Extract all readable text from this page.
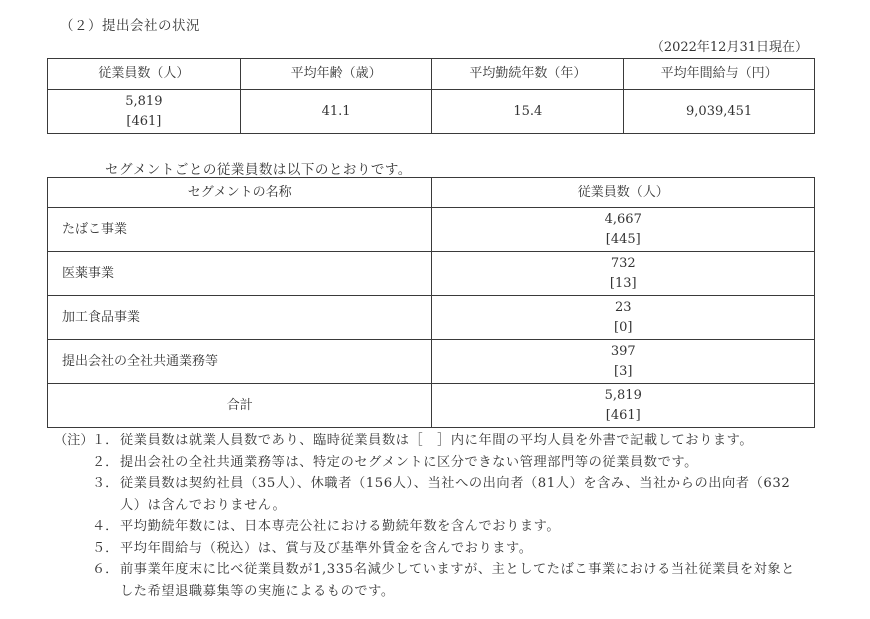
（２）提出会社の状況
（2022年12月31日現在）
従業員数（人）	平均年齢（歳）	平均勤続年数（年）	平均年間給与（円）

5,819
[461]	41.1	15.4	9,039,451
セグメントごとの従業員数は以下のとおりです。
セグメントの名称	従業員数（人）
たばこ事業	4,667
[445]

医薬事業	732
[13]

加工食品事業	23
[0]

提出会社の全社共通業務等	397
[3]

合計	5,819
[461]
（注）
１． 従業員数は就業人員数であり、臨時従業員数は［　］内に年間の平均人員を外書で記載しております。
２． 提出会社の全社共通業務等は、特定のセグメントに区分できない管理部門等の従業員数です。
３． 従業員数は契約社員（35人）、休職者（156人）、当社への出向者（81人）を含み、当社からの出向者（632
人）は含んでおりません。
４． 平均勤続年数には、日本専売公社における勤続年数を含んでおります。
５． 平均年間給与（税込）は、賞与及び基準外賃金を含んでおります。
６． 前事業年度末に比べ従業員数が1,335名減少していますが、主としてたばこ事業における当社従業員を対象と
した希望退職募集等の実施によるものです。
